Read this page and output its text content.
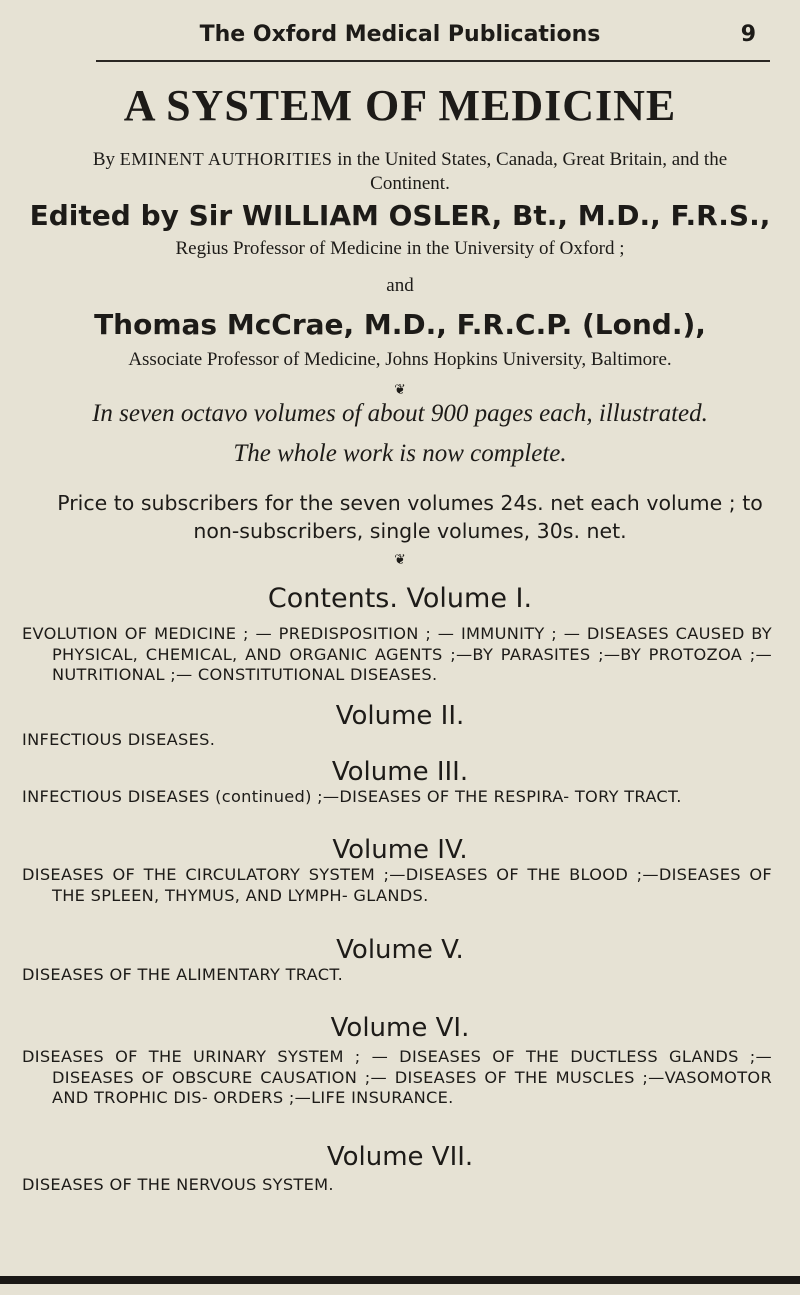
The Oxford Medical Publications	9
A SYSTEM OF MEDICINE
By EMINENT AUTHORITIES in the United States, Canada, Great Britain, and the Continent.
Edited by Sir WILLIAM OSLER, Bt., M.D., F.R.S.,
Regius Professor of Medicine in the University of Oxford ;
and
Thomas McCrae, M.D., F.R.C.P. (Lond.),
Associate Professor of Medicine, Johns Hopkins University, Baltimore.
❦
In seven octavo volumes of about 900 pages each, illustrated.
The whole work is now complete.
Price to subscribers for the seven volumes 24s. net each volume ; to non-subscribers, single volumes, 30s. net.
❦
Contents. Volume I.

EVOLUTION OF MEDICINE ; — PREDISPOSITION ; — IMMUNITY ; — DISEASES CAUSED BY PHYSICAL, CHEMICAL, AND ORGANIC AGENTS ;—BY PARASITES ;—BY PROTOZOA ;—NUTRITIONAL ;— CONSTITUTIONAL DISEASES.

Volume II.

INFECTIOUS DISEASES.

Volume III.

INFECTIOUS DISEASES (continued) ;—DISEASES OF THE RESPIRA- TORY TRACT.

Volume IV.

DISEASES OF THE CIRCULATORY SYSTEM ;—DISEASES OF THE BLOOD ;—DISEASES OF THE SPLEEN, THYMUS, AND LYMPH- GLANDS.

Volume V.

DISEASES OF THE ALIMENTARY TRACT.

Volume VI.

DISEASES OF THE URINARY SYSTEM ; — DISEASES OF THE DUCTLESS GLANDS ;—DISEASES OF OBSCURE CAUSATION ;— DISEASES OF THE MUSCLES ;—VASOMOTOR AND TROPHIC DIS- ORDERS ;—LIFE INSURANCE.

Volume VII.

DISEASES OF THE NERVOUS SYSTEM.
